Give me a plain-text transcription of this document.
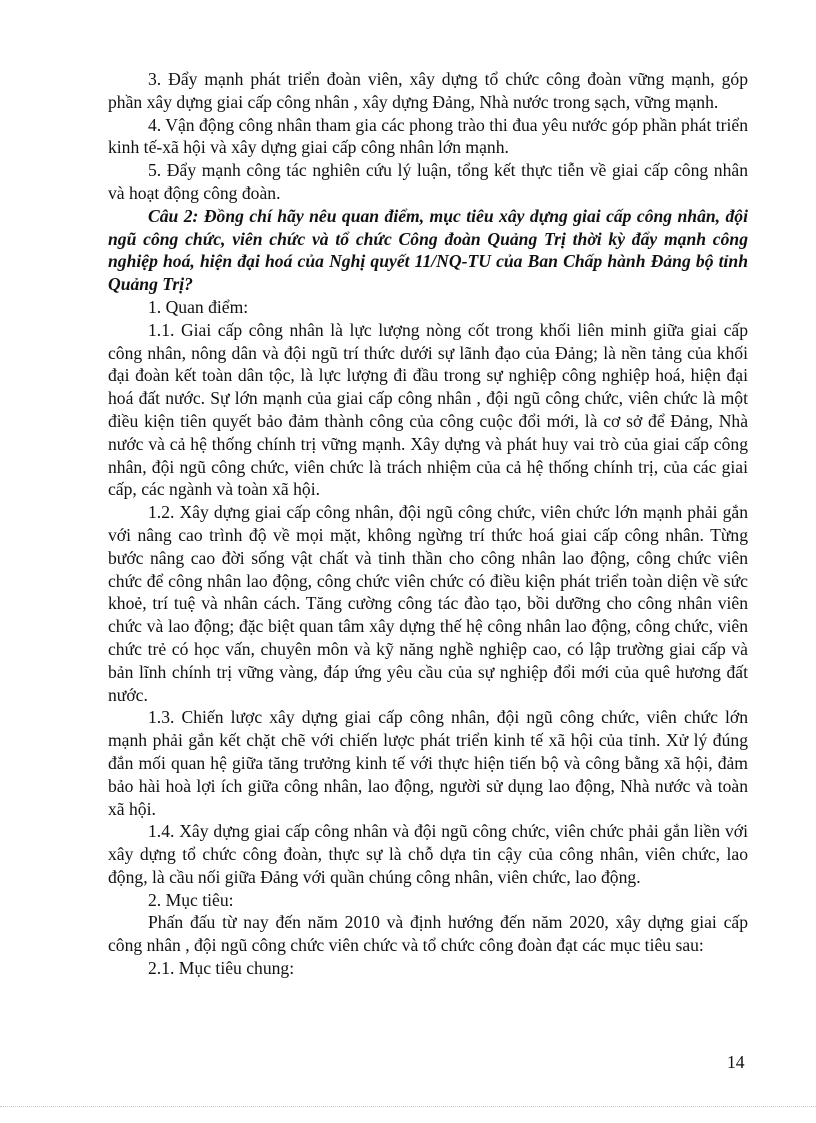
3. Đẩy mạnh phát triển đoàn viên, xây dựng tổ chức công đoàn vững mạnh, góp phần xây dựng giai cấp công nhân , xây dựng Đảng, Nhà nước trong sạch, vững mạnh.

4. Vận động công nhân tham gia các phong trào thi đua yêu nước góp phần phát triển kinh tế-xã hội và xây dựng giai cấp công nhân lớn mạnh.

5. Đẩy mạnh công tác nghiên cứu lý luận, tổng kết thực tiễn về giai cấp công nhân và hoạt động công đoàn.

Câu 2: Đồng chí hãy nêu quan điểm, mục tiêu xây dựng giai cấp công nhân, đội ngũ công chức, viên chức và tổ chức Công đoàn Quảng Trị thời kỳ đẩy mạnh công nghiệp hoá, hiện đại hoá của Nghị quyết 11/NQ-TU của Ban Chấp hành Đảng bộ tỉnh Quảng Trị?

1. Quan điểm:

1.1. Giai cấp công nhân là lực lượng nòng cốt trong khối liên minh giữa giai cấp công nhân, nông dân và đội ngũ trí thức dưới sự lãnh đạo của Đảng; là nền tảng của khối đại đoàn kết toàn dân tộc, là lực lượng đi đầu trong sự nghiệp công nghiệp hoá, hiện đại hoá đất nước. Sự lớn mạnh của giai cấp công nhân , đội ngũ công chức, viên chức là một điều kiện tiên quyết bảo đảm thành công của công cuộc đổi mới, là cơ sở để Đảng, Nhà nước và cả hệ thống chính trị vững mạnh. Xây dựng và phát huy vai trò của giai cấp công nhân, đội ngũ công chức, viên chức là trách nhiệm của cả hệ thống chính trị, của các giai cấp, các ngành và toàn xã hội.

1.2. Xây dựng giai cấp công nhân, đội ngũ công chức, viên chức lớn mạnh phải gắn với nâng cao trình độ về mọi mặt, không ngừng trí thức hoá giai cấp công nhân. Từng bước nâng cao đời sống vật chất và tinh thần cho công nhân lao động, công chức viên chức để công nhân lao động, công chức viên chức có điều kiện phát triển toàn diện về sức khoẻ, trí tuệ và nhân cách. Tăng cường công tác đào tạo, bồi dưỡng cho công nhân viên chức và lao động; đặc biệt quan tâm xây dựng thế hệ công nhân lao động, công chức, viên chức trẻ có học vấn, chuyên môn và kỹ năng nghề nghiệp cao, có lập trường giai cấp và bản lĩnh chính trị vững vàng, đáp ứng yêu cầu của sự nghiệp đổi mới của quê hương đất nước.

1.3. Chiến lược xây dựng giai cấp công nhân, đội ngũ công chức, viên chức lớn mạnh phải gắn kết chặt chẽ với chiến lược phát triển kinh tế xã hội của tỉnh. Xử lý đúng đắn mối quan hệ giữa tăng trưởng kinh tế với thực hiện tiến bộ và công bằng xã hội, đảm bảo hài hoà lợi ích giữa công nhân, lao động, người sử dụng lao động, Nhà nước và toàn xã hội.

1.4. Xây dựng giai cấp công nhân và đội ngũ công chức, viên chức phải gắn liền với xây dựng tổ chức công đoàn, thực sự là chỗ dựa tin cậy của công nhân, viên chức, lao động, là cầu nối giữa Đảng với quần chúng công nhân, viên chức, lao động.

2. Mục tiêu:

Phấn đấu từ nay đến năm 2010 và định hướng đến năm 2020, xây dựng giai cấp công nhân , đội ngũ công chức viên chức và tổ chức công đoàn đạt các mục tiêu sau:

2.1. Mục tiêu chung:

14
